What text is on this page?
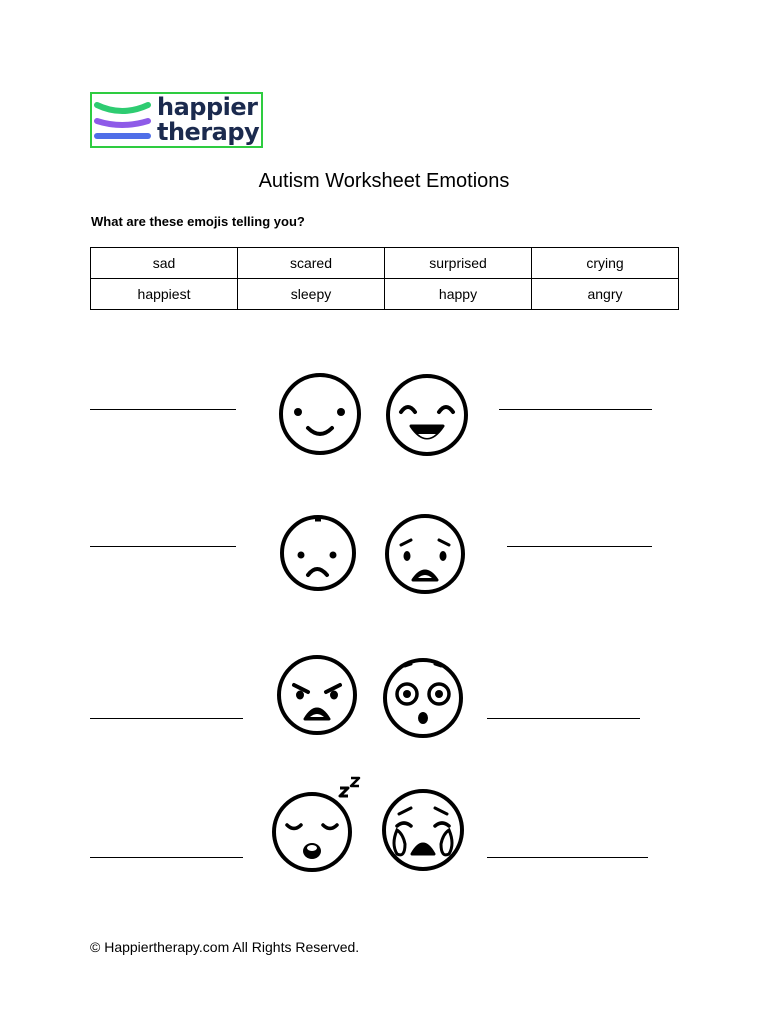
happier
therapy
Autism Worksheet Emotions
What are these emojis telling you?
sad	scared	surprised	crying
happiest	sleepy	happy	angry
© Happiertherapy.com All Rights Reserved.
